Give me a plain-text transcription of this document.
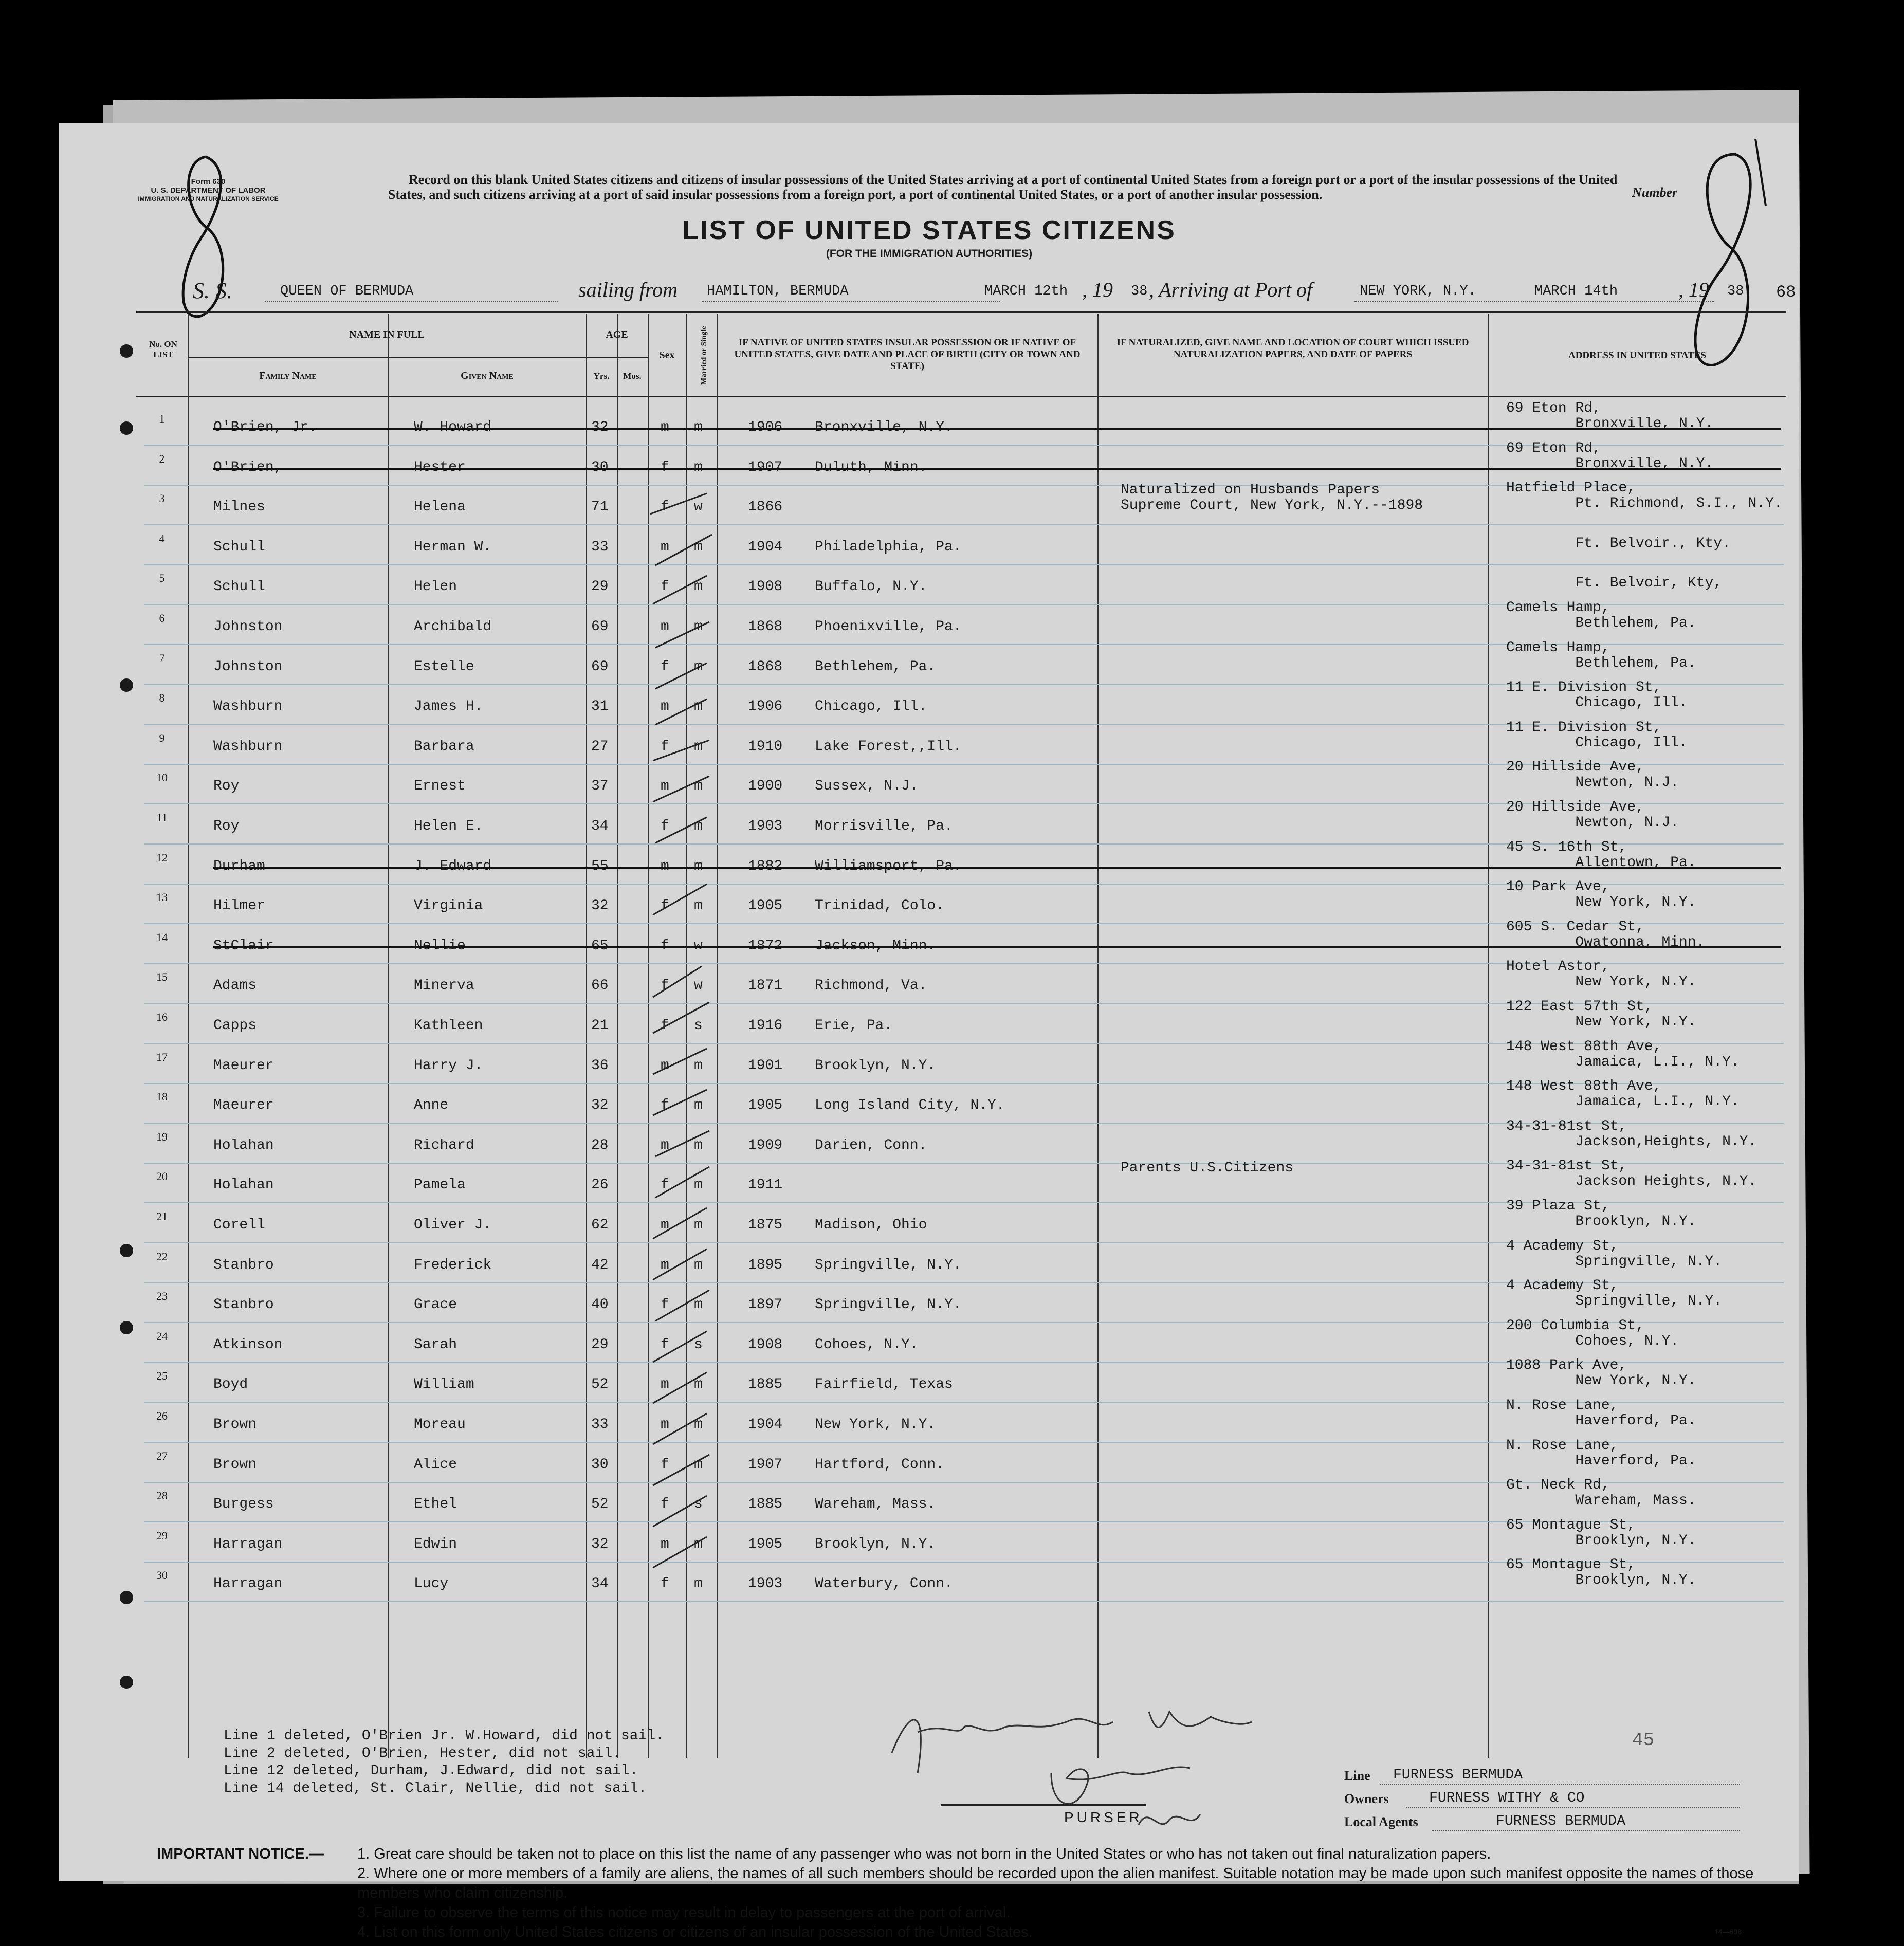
Form 630
U. S. DEPARTMENT OF LABOR
IMMIGRATION AND NATURALIZATION SERVICE
Record on this blank United States citizens and citizens of insular possessions of the United States arriving at a port of continental United States from a foreign port or a port of the insular possessions of the United States, and such citizens arriving at a port of said insular possessions from a foreign port, a port of continental United States, or a port of another insular possession.	Number
LIST OF UNITED STATES CITIZENS
(FOR THE IMMIGRATION AUTHORITIES)
68
S. S.	QUEEN OF BERMUDA	sailing from HAMILTON, BERMUDA	MARCH 12th , 19 38 , Arriving at Port of	NEW YORK, N.Y.	MARCH 14th	, 19 38
No. ON LIST
NAME IN FULL
Family Name	Given Name
AGE
Yrs.	Mos.
Sex	Married or Single	IF NATIVE OF UNITED STATES INSULAR POSSESSION OR IF NATIVE OF UNITED STATES, GIVE DATE AND PLACE OF BIRTH (CITY OR TOWN AND STATE)
IF NATURALIZED, GIVE NAME AND LOCATION OF COURT WHICH ISSUED NATURALIZATION PAPERS, AND DATE OF PAPERS	ADDRESS IN UNITED STATES
1
O'Brien, Jr.	W. Howard	32	m m	1906 Bronxville, N.Y.
69 Eton Rd,
Bronxville, N.Y.
2
O'Brien,	Hester	30	f m	1907 Duluth, Minn.
69 Eton Rd,
Bronxville, N.Y.
3
Milnes	Helena	71	f w	1866
Naturalized on Husbands Papers
Supreme Court, New York, N.Y.--1898
Hatfield Place,
Pt. Richmond, S.I., N.Y.
4
Schull	Herman W.	33	m m	1904 Philadelphia, Pa.	
Ft. Belvoir., Kty.
5
Schull	Helen	29	f m	1908 Buffalo, N.Y.	
Ft. Belvoir, Kty,
6
Johnston	Archibald	69	m m	1868 Phoenixville, Pa.
Camels Hamp,
Bethlehem, Pa.
7
Johnston	Estelle	69	f m	1868 Bethlehem, Pa.
Camels Hamp,
Bethlehem, Pa.
8
Washburn	James H.	31	m m	1906 Chicago, Ill.
11 E. Division St,
Chicago, Ill.
9
Washburn	Barbara	27	f m	1910 Lake Forest,,Ill.
11 E. Division St,
Chicago, Ill.
10
Roy	Ernest	37	m m	1900 Sussex, N.J.
20 Hillside Ave,
Newton, N.J.
11
Roy	Helen E.	34	f m	1903 Morrisville, Pa.
20 Hillside Ave,
Newton, N.J.
12
Durham	J. Edward	55	m m	1882 Williamsport, Pa.
45 S. 16th St,
Allentown, Pa.
13
Hilmer	Virginia	32	f m	1905 Trinidad, Colo.
10 Park Ave,
New York, N.Y.
14
StClair	Nellie	65	f w	1872 Jackson, Minn.
605 S. Cedar St,
Owatonna, Minn.
15
Adams	Minerva	66	f w	1871 Richmond, Va.
Hotel Astor,
New York, N.Y.
16
Capps	Kathleen	21	f s	1916 Erie, Pa.
122 East 57th St,
New York, N.Y.
17
Maeurer	Harry J.	36	m m	1901 Brooklyn, N.Y.
148 West 88th Ave,
Jamaica, L.I., N.Y.
18
Maeurer	Anne	32	f m	1905 Long Island City, N.Y.
148 West 88th Ave,
Jamaica, L.I., N.Y.
19
Holahan	Richard	28	m m	1909 Darien, Conn.
34-31-81st St,
Jackson,Heights, N.Y.
20
Holahan	Pamela	26	f m	1911
Parents U.S.Citizens	34-31-81st St,
Jackson Heights, N.Y.
21
Corell	Oliver J.	62	m m	1875 Madison, Ohio
39 Plaza St,
Brooklyn, N.Y.
22
Stanbro	Frederick	42	m m	1895 Springville, N.Y.
4 Academy St,
Springville, N.Y.
23
Stanbro	Grace	40	f m	1897 Springville, N.Y.
4 Academy St,
Springville, N.Y.
24
Atkinson	Sarah	29	f s	1908 Cohoes, N.Y.
200 Columbia St,
Cohoes, N.Y.
25
Boyd	William	52	m m	1885 Fairfield, Texas
1088 Park Ave,
New York, N.Y.
26
Brown	Moreau	33	m m	1904 New York, N.Y.
N. Rose Lane,
Haverford, Pa.
27
Brown	Alice	30	f m	1907 Hartford, Conn.
N. Rose Lane,
Haverford, Pa.
28
Burgess	Ethel	52	f s	1885 Wareham, Mass.
Gt. Neck Rd,
Wareham, Mass.
29
Harragan	Edwin	32	m m	1905 Brooklyn, N.Y.
65 Montague St,
Brooklyn, N.Y.
30
Harragan	Lucy	34	f m	1903 Waterbury, Conn.
65 Montague St,
Brooklyn, N.Y.
Line 1 deleted, O'Brien Jr. W.Howard, did not sail.
Line 2 deleted, O'Brien, Hester, did not sail.
Line 12 deleted, Durham, J.Edward, did not sail.
Line 14 deleted, St. Clair, Nellie, did not sail.
PURSER
45
Line FURNESS BERMUDA
Owners	FURNESS WITHY & CO
Local Agents	FURNESS BERMUDA
IMPORTANT NOTICE.— 1. Great care should be taken not to place on this list the name of any passenger who was not born in the United States or who has not taken out final naturalization papers.
2. Where one or more members of a family are aliens, the names of all such members should be recorded upon the alien manifest. Suitable notation may be made upon such manifest opposite the names of those members who claim citizenship.
3. Failure to observe the terms of this notice may result in delay to passengers at the port of arrival.
4. List on this form only United States citizens or citizens of an insular possession of the United States.	14—608
